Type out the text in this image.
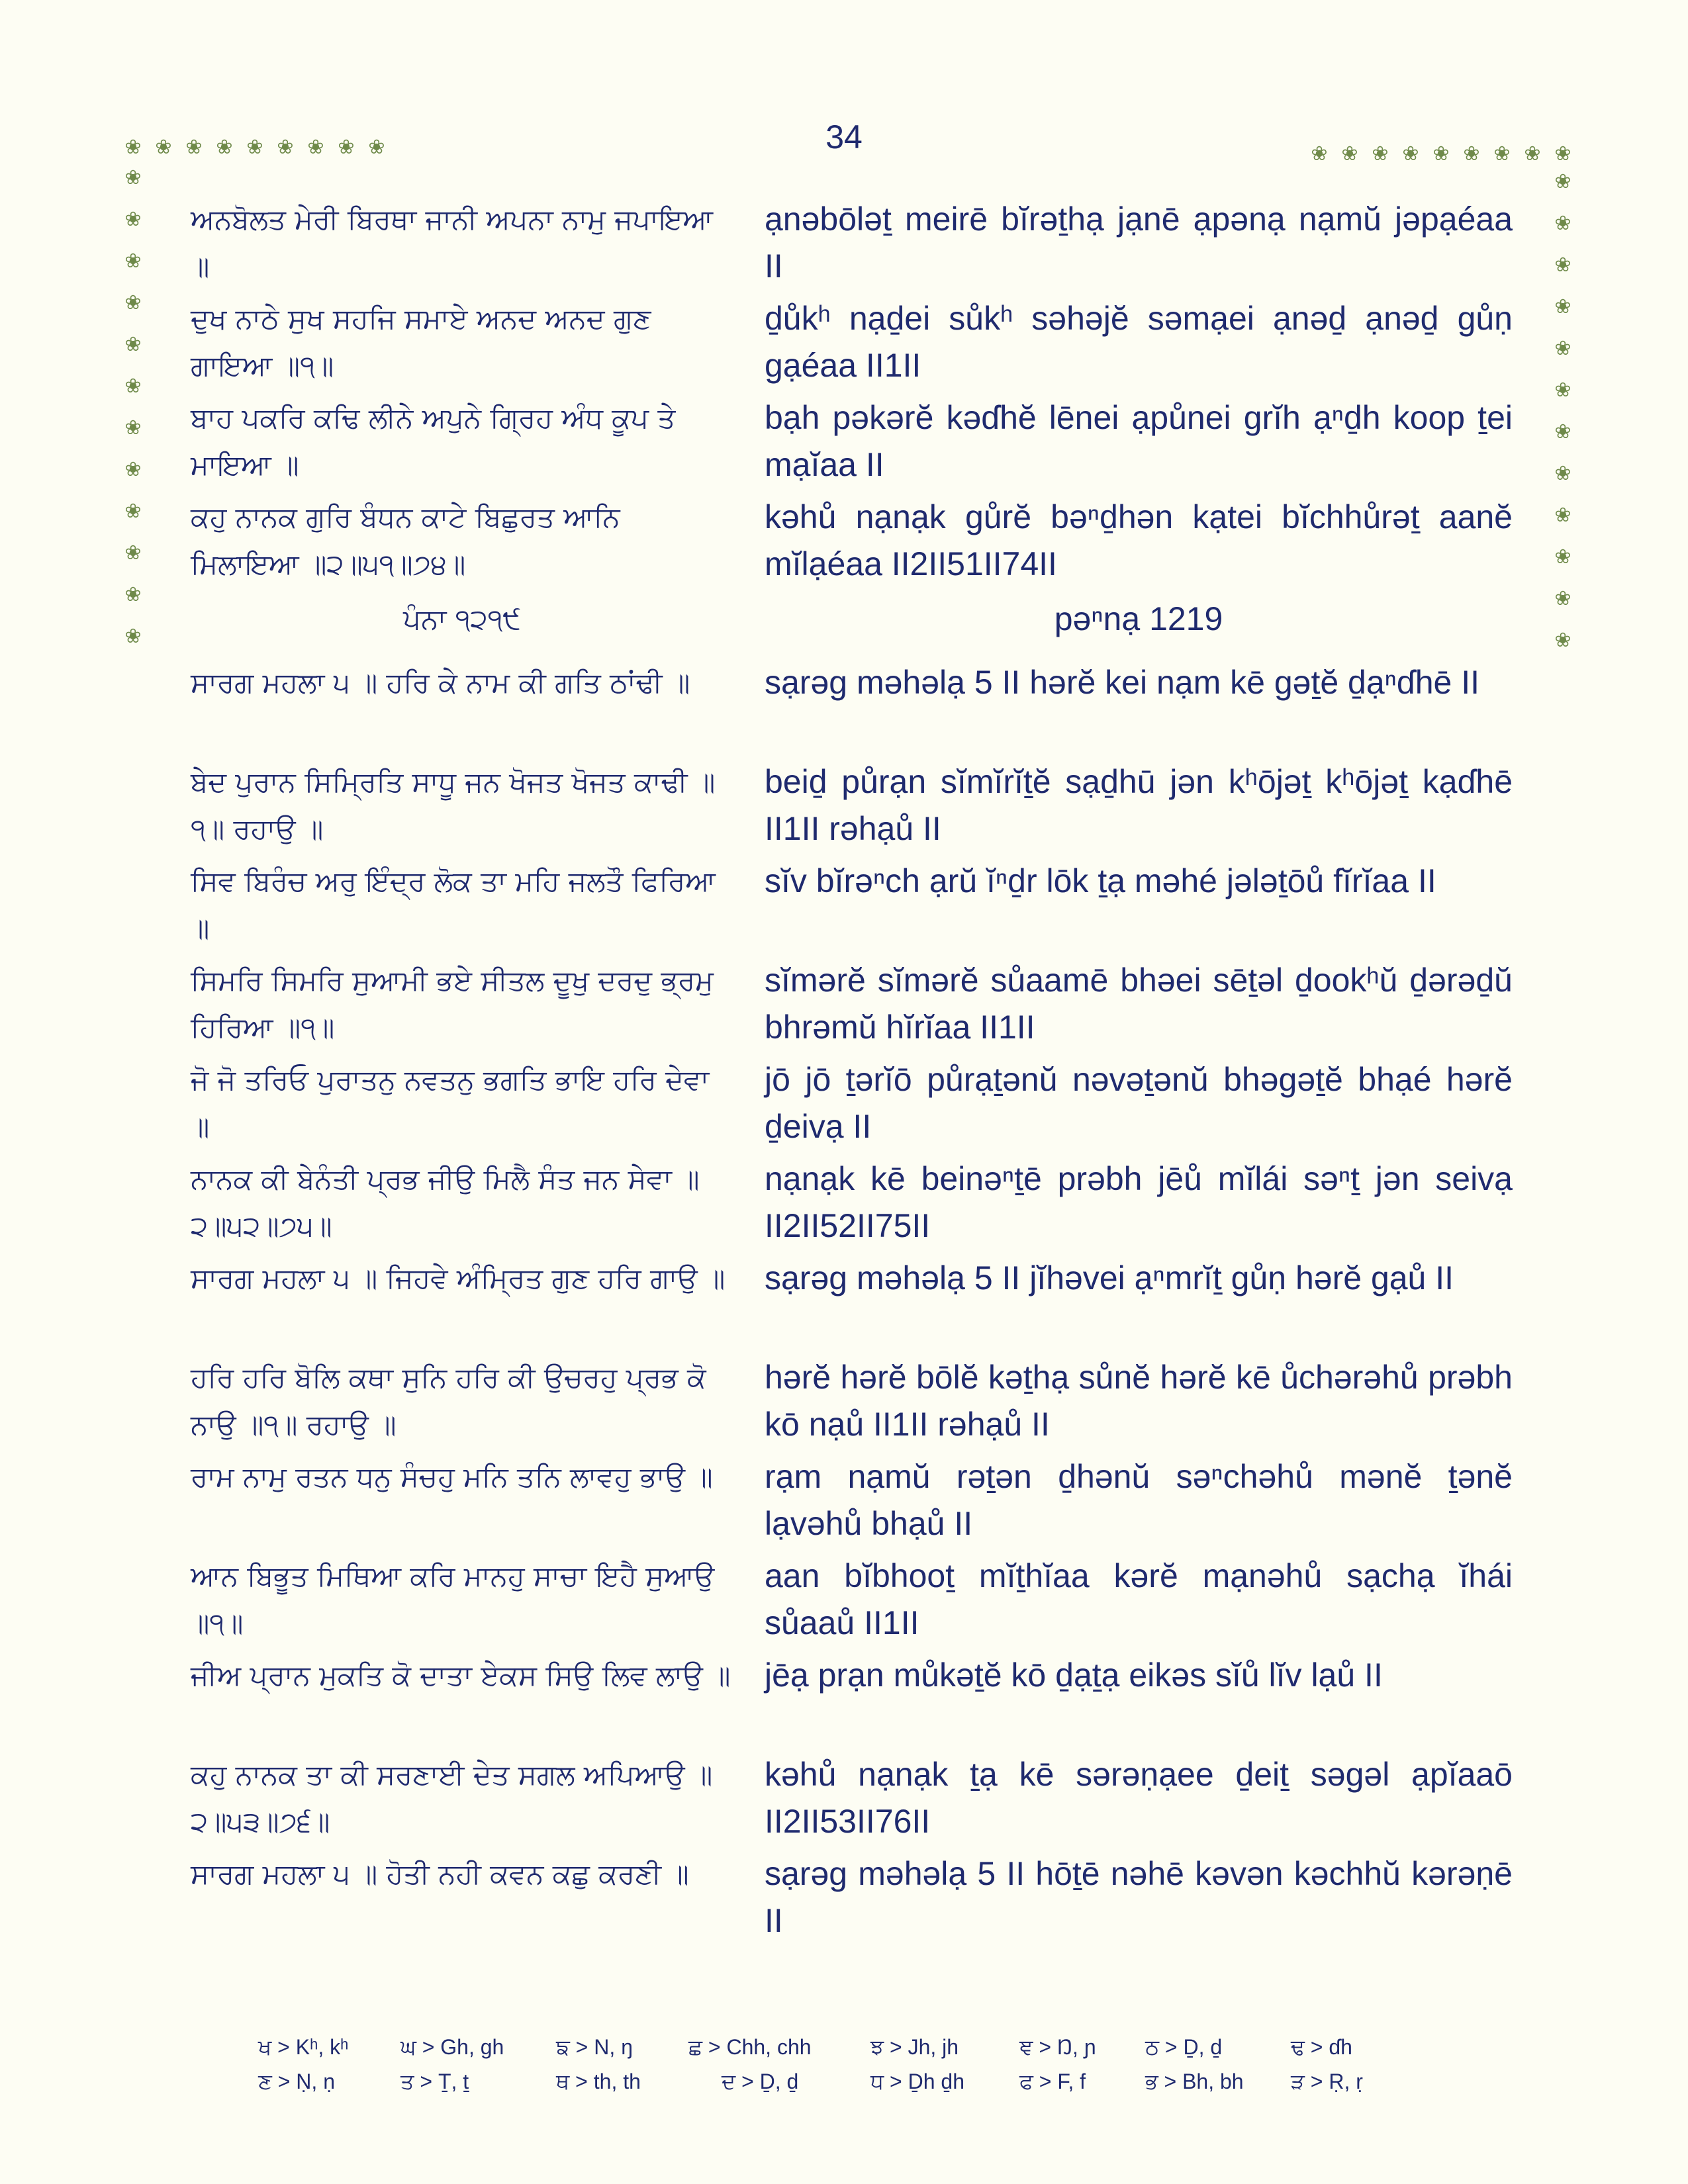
34
❀ ❀ ❀ ❀ ❀ ❀ ❀ ❀ ❀
❀
❀
❀
❀
❀
❀
❀
❀
❀
❀
❀
❀
❀ ❀ ❀ ❀ ❀ ❀ ❀ ❀ ❀
❀
❀
❀
❀
❀
❀
❀
❀
❀
❀
❀
❀
ਅਨਬੋਲਤ ਮੇਰੀ ਬਿਰਥਾ ਜਾਨੀ ਅਪਨਾ ਨਾਮੁ ਜਪਾਇਆ ॥
ạnəbōləṯ meirē bĭrəṯhạ jạnē ạpənạ nạmŭ jəpạéaa II
ਦੁਖ ਨਾਠੇ ਸੁਖ ਸਹਜਿ ਸਮਾਏ ਅਨਦ ਅਨਦ ਗੁਣ ਗਾਇਆ ॥੧॥
ḏůkʰ nạḏei sůkʰ səhəjĕ səmạei ạnəḏ ạnəḏ gůṇ gạéaa II1II
ਬਾਹ ਪਕਰਿ ਕਢਿ ਲੀਨੇ ਅਪੁਨੇ ਗ੍ਰਿਹ ਅੰਧ ਕੂਪ ਤੇ ਮਾਇਆ ॥
bạh pəkərĕ kəɗhĕ lēnei ạpůnei grĭh ạⁿḏh koop ṯei mạĭaa II
ਕਹੁ ਨਾਨਕ ਗੁਰਿ ਬੰਧਨ ਕਾਟੇ ਬਿਛੁਰਤ ਆਨਿ ਮਿਲਾਇਆ ॥੨॥੫੧॥੭੪॥
kəhů nạnạk gůrĕ bəⁿḏhən kạtei bĭchhůrəṯ aanĕ mĭlạéaa II2II51II74II
ਪੰਨਾ ੧੨੧੯	pəⁿnạ 1219
ਸਾਰਗ ਮਹਲਾ ੫ ॥ ਹਰਿ ਕੇ ਨਾਮ ਕੀ ਗਤਿ ਠਾਂਢੀ ॥	sạrəg məhəlạ 5 II hərĕ kei nạm kē gəṯĕ ḏạⁿɗhē II
ਬੇਦ ਪੁਰਾਨ ਸਿਮ੍ਰਿਤਿ ਸਾਧੂ ਜਨ ਖੋਜਤ ਖੋਜਤ ਕਾਢੀ ॥੧॥ ਰਹਾਉ ॥
beiḏ půrạn sĭmĭrĭṯĕ sạḏhū jən kʰōjəṯ kʰōjəṯ kạɗhē II1II rəhạů II
ਸਿਵ ਬਿਰੰਚ ਅਰੁ ਇੰਦ੍ਰ ਲੋਕ ਤਾ ਮਹਿ ਜਲਤੌ ਫਿਰਿਆ ॥
sĭv bĭrəⁿch ạrŭ ĭⁿḏr lōk ṯạ məhé jələṯōů fĭrĭaa II
ਸਿਮਰਿ ਸਿਮਰਿ ਸੁਆਮੀ ਭਏ ਸੀਤਲ ਦੂਖੁ ਦਰਦੁ ਭ੍ਰਮੁ ਹਿਰਿਆ ॥੧॥
sĭmərĕ sĭmərĕ sůaamē bhəei sēṯəl ḏookʰŭ ḏərəḏŭ bhrəmŭ hĭrĭaa II1II
ਜੋ ਜੋ ਤਰਿਓ ਪੁਰਾਤਨੁ ਨਵਤਨੁ ਭਗਤਿ ਭਾਇ ਹਰਿ ਦੇਵਾ ॥
jō jō ṯərĭō půrạṯənŭ nəvəṯənŭ bhəgəṯĕ bhạé hərĕ ḏeivạ II
ਨਾਨਕ ਕੀ ਬੇਨੰਤੀ ਪ੍ਰਭ ਜੀਉ ਮਿਲੈ ਸੰਤ ਜਨ ਸੇਵਾ ॥੨॥੫੨॥੭੫॥
nạnạk kē beinəⁿṯē prəbh jēů mĭlái səⁿṯ jən seivạ II2II52II75II
ਸਾਰਗ ਮਹਲਾ ੫ ॥ ਜਿਹਵੇ ਅੰਮ੍ਰਿਤ ਗੁਣ ਹਰਿ ਗਾਉ ॥ sạrəg məhəlạ 5 II jĭhəvei ạⁿmrĭṯ gůṇ hərĕ gạů II
ਹਰਿ ਹਰਿ ਬੋਲਿ ਕਥਾ ਸੁਨਿ ਹਰਿ ਕੀ ਉਚਰਹੁ ਪ੍ਰਭ ਕੋ ਨਾਉ ॥੧॥ ਰਹਾਉ ॥
hərĕ hərĕ bōlĕ kəṯhạ sůnĕ hərĕ kē ůchərəhů prəbh kō nạů II1II rəhạů II
ਰਾਮ ਨਾਮੁ ਰਤਨ ਧਨੁ ਸੰਚਹੁ ਮਨਿ ਤਨਿ ਲਾਵਹੁ ਭਾਉ ॥	rạm nạmŭ rəṯən ḏhənŭ səⁿchəhů mənĕ ṯənĕ lạvəhů bhạů II
ਆਨ ਬਿਭੂਤ ਮਿਥਿਆ ਕਰਿ ਮਾਨਹੁ ਸਾਚਾ ਇਹੈ ਸੁਆਉ ॥੧॥
aan bĭbhooṯ mĭṯhĭaa kərĕ mạnəhů sạchạ ĭhái sůaaů II1II
ਜੀਅ ਪ੍ਰਾਨ ਮੁਕਤਿ ਕੋ ਦਾਤਾ ਏਕਸ ਸਿਉ ਲਿਵ ਲਾਉ ॥ jēạ prạn můkəṯĕ kō ḏạṯạ eikəs sĭů lĭv lạů II
ਕਹੁ ਨਾਨਕ ਤਾ ਕੀ ਸਰਣਾਈ ਦੇਤ ਸਗਲ ਅਪਿਆਉ ॥੨॥੫੩॥੭੬॥
kəhů nạnạk ṯạ kē sərəṇạee ḏeiṯ səgəl ạpĭaaō II2II53II76II
ਸਾਰਗ ਮਹਲਾ ੫ ॥ ਹੋਤੀ ਨਹੀ ਕਵਨ ਕਛੁ ਕਰਣੀ ॥	sạrəg məhəlạ 5 II hōṯē nəhē kəvən kəchhŭ kərəṇē II
ਖ > Kʰ, kʰ ਘ > Gh, gh ਙ > N, ŋ	ਛ > Chh, chh	ਝ > Jh, jh	ਞ > Ŋ, ɲ ਠ > Ḏ, ḏ	ਢ > ɗh
ਣ > Ṇ, ṇ	ਤ > Ṯ, ṯ	ਥ > th, th	ਦ > Ḏ, ḏ	ਧ > Ḏh ḏh	ਫ > F, f	ਭ > Bh, bh ੜ > Ṛ, ṛ
